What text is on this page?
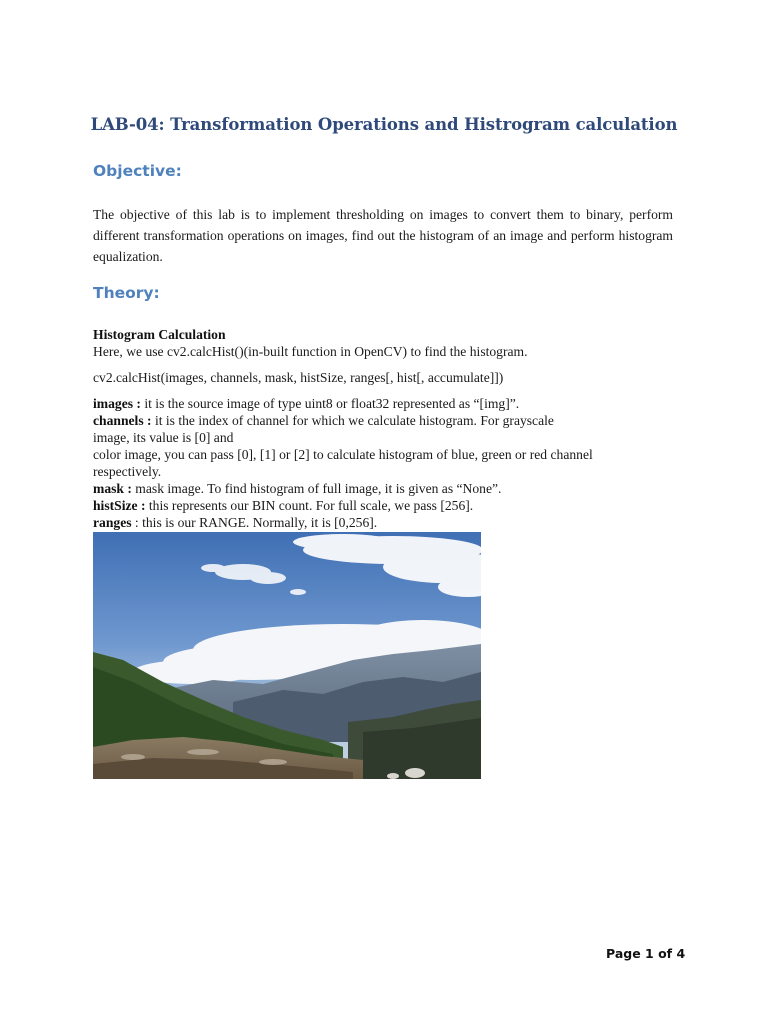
LAB-04: Transformation Operations and Histrogram calculation
Objective:
The objective of this lab is to implement thresholding on images to convert them to binary, perform different transformation operations on images, find out the histogram of an image and perform histogram equalization.
Theory:
Histogram Calculation
Here, we use cv2.calcHist()(in-built function in OpenCV) to find the histogram.
cv2.calcHist(images, channels, mask, histSize, ranges[, hist[, accumulate]])
images : it is the source image of type uint8 or float32 represented as “[img]”.
channels : it is the index of channel for which we calculate histogram. For grayscale
image, its value is [0] and
color image, you can pass [0], [1] or [2] to calculate histogram of blue, green or red channel
respectively.
mask : mask image. To find histogram of full image, it is given as “None”.
histSize : this represents our BIN count. For full scale, we pass [256].
ranges : this is our RANGE. Normally, it is [0,256].
Page 1 of 4
